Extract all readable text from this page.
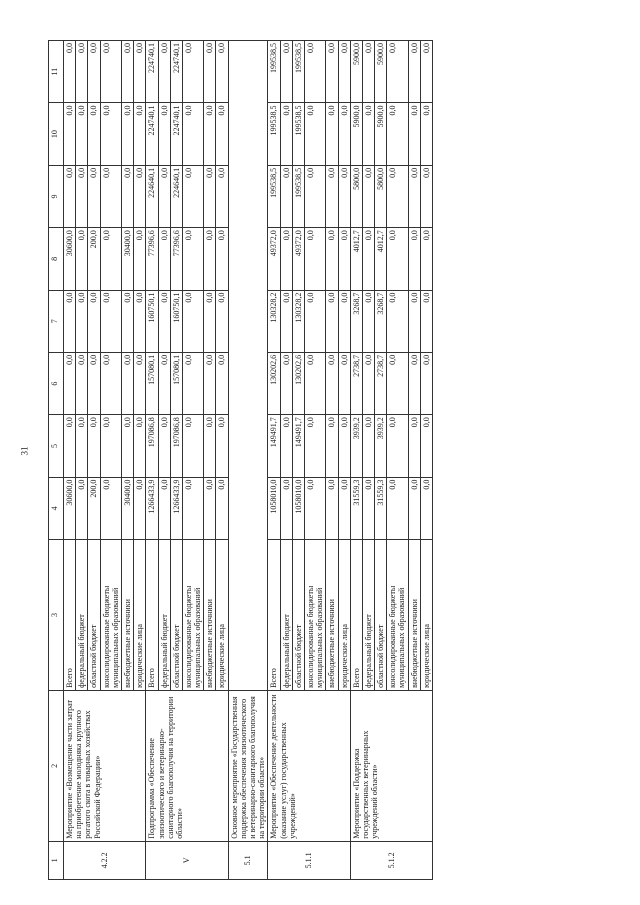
31
1	2	3	4	5	6	7	8	9	10	11
4.2.2	Мероприятие «Возмещение части затрат на приобретение молодняка крупного рогатого скота в товарных хозяйствах Российской Федерации»	Всего	30600,0	0,0	0,0	0,0	30600,0	0,0	0,0	0,0
		федеральный бюджет	0,0	0,0	0,0	0,0	0,0	0,0	0,0	0,0
		областной бюджет	200,0	0,0	0,0	0,0	200,0	0,0	0,0	0,0
		консолидированные бюджеты муниципальных образований	0,0	0,0	0,0	0,0	0,0	0,0	0,0	0,0
		внебюджетные источники	30400,0	0,0	0,0	0,0	30400,0	0,0	0,0	0,0
		юридические лица	0,0	0,0	0,0	0,0	0,0	0,0	0,0	0,0
V	Подпрограмма «Обеспечение эпизоотического и ветеринарно-санитарного благополучия на территории области»	Всего	1266433,9	197086,8	157080,1	160750,1	77396,6	224640,1	224740,1	224740,1
		федеральный бюджет	0,0	0,0	0,0	0,0	0,0	0,0	0,0	0,0
		областной бюджет	1266433,9	197086,8	157080,1	160750,1	77396,6	224640,1	224740,1	224740,1
		консолидированные бюджеты муниципальных образований	0,0	0,0	0,0	0,0	0,0	0,0	0,0	0,0
		внебюджетные источники	0,0	0,0	0,0	0,0	0,0	0,0	0,0	0,0
		юридические лица	0,0	0,0	0,0	0,0	0,0	0,0	0,0	0,0
5.1	Основное мероприятие «Государственная поддержка обеспечения эпизоотического и ветеринарно-санитарного благополучия на территории области»									
5.1.1	Мероприятие «Обеспечение деятельности (оказание услуг) государственных учреждений»	Всего	1058010,0	149491,7	130202,6	130328,2	49372,0	199538,5	199538,5	199538,5
		федеральный бюджет	0,0	0,0	0,0	0,0	0,0	0,0	0,0	0,0
		областной бюджет	1058010,0	149491,7	130202,6	130328,2	49372,0	199538,5	199538,5	199538,5
		консолидированные бюджеты муниципальных образований	0,0	0,0	0,0	0,0	0,0	0,0	0,0	0,0
		внебюджетные источники	0,0	0,0	0,0	0,0	0,0	0,0	0,0	0,0
		юридические лица	0,0	0,0	0,0	0,0	0,0	0,0	0,0	0,0
5.1.2	Мероприятие «Поддержка государственных ветеринарных учреждений области»	Всего	31559,3	3939,2	2738,7	3268,7	4012,7	5800,0	5900,0	5900,0
		федеральный бюджет	0,0	0,0	0,0	0,0	0,0	0,0	0,0	0,0
		областной бюджет	31559,3	3939,2	2738,7	3268,7	4012,7	5800,0	5900,0	5900,0
		консолидированные бюджеты муниципальных образований	0,0	0,0	0,0	0,0	0,0	0,0	0,0	0,0
		внебюджетные источники	0,0	0,0	0,0	0,0	0,0	0,0	0,0	0,0
		юридические лица	0,0	0,0	0,0	0,0	0,0	0,0	0,0	0,0
